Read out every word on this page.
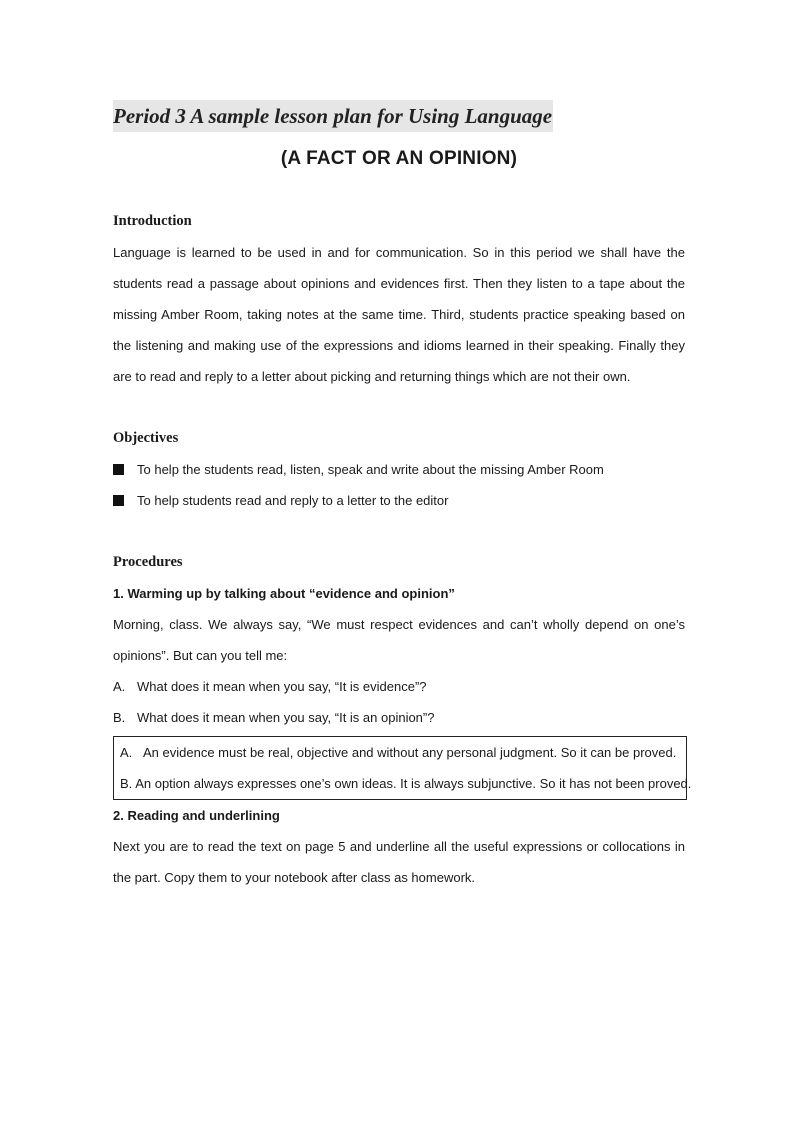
Period 3 A sample lesson plan for Using Language
(A FACT OR AN OPINION)
Introduction

Language is learned to be used in and for communication. So in this period we shall have the students read a passage about opinions and evidences first. Then they listen to a tape about the missing Amber Room, taking notes at the same time. Third, students practice speaking based on the listening and making use of the expressions and idioms learned in their speaking. Finally they are to read and reply to a letter about picking and returning things which are not their own.

Objectives
To help the students read, listen, speak and write about the missing Amber Room
To help students read and reply to a letter to the editor
Procedures
1. Warming up by talking about “evidence and opinion”

Morning, class. We always say, “We must respect evidences and can’t wholly depend on one’s opinions”. But can you tell me:

A. What does it mean when you say, “It is evidence”?
B. What does it mean when you say, “It is an opinion”?
A. An evidence must be real, objective and without any personal judgment. So it can be proved.
B. An option always expresses one’s own ideas. It is always subjunctive. So it has not been proved.
2. Reading and underlining

Next you are to read the text on page 5 and underline all the useful expressions or collocations in the part. Copy them to your notebook after class as homework.
